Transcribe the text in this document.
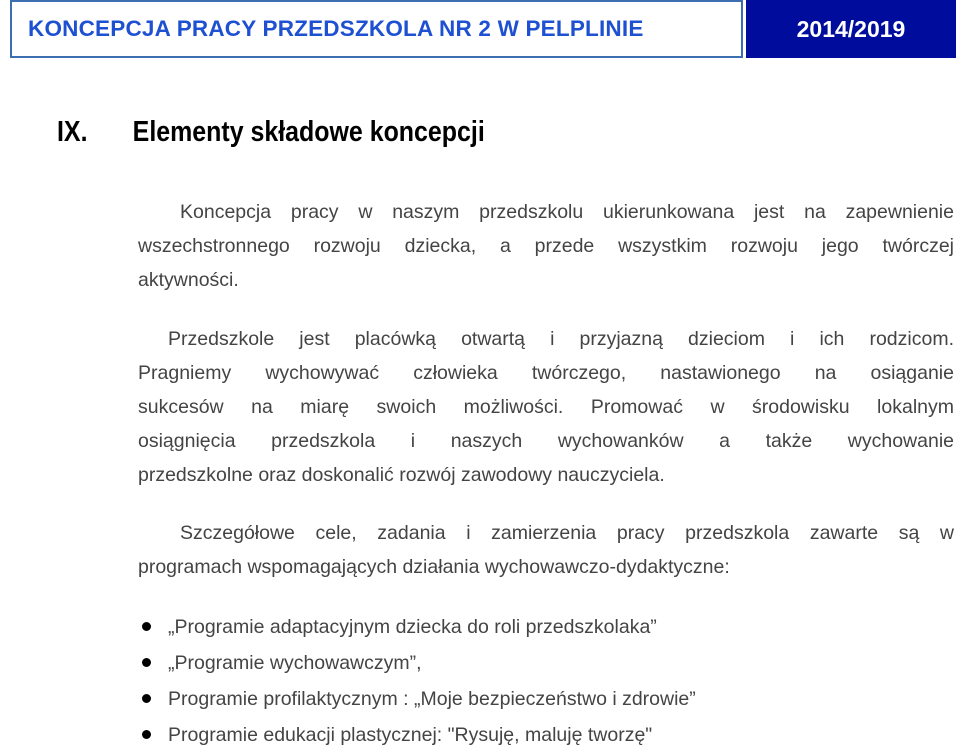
KONCEPCJA PRACY PRZEDSZKOLA NR 2 W PELPLINIE	2014/2019
IX. Elementy składowe koncepcji
Koncepcja pracy w naszym przedszkolu ukierunkowana jest na zapewnienie
wszechstronnego rozwoju dziecka, a przede wszystkim rozwoju jego twórczej
aktywności.
Przedszkole jest placówką otwartą i przyjazną dzieciom i ich rodzicom.
Pragniemy wychowywać człowieka twórczego, nastawionego na osiąganie
sukcesów na miarę swoich możliwości. Promować w środowisku lokalnym
osiągnięcia przedszkola i naszych wychowanków a także wychowanie
przedszkolne oraz doskonalić rozwój zawodowy nauczyciela.
Szczegółowe cele, zadania i zamierzenia pracy przedszkola zawarte są w
programach wspomagających działania wychowawczo-dydaktyczne:
„Programie adaptacyjnym dziecka do roli przedszkolaka”
„Programie wychowawczym”,
Programie profilaktycznym : „Moje bezpieczeństwo i zdrowie”
Programie edukacji plastycznej: "Rysuję, maluję tworzę"
